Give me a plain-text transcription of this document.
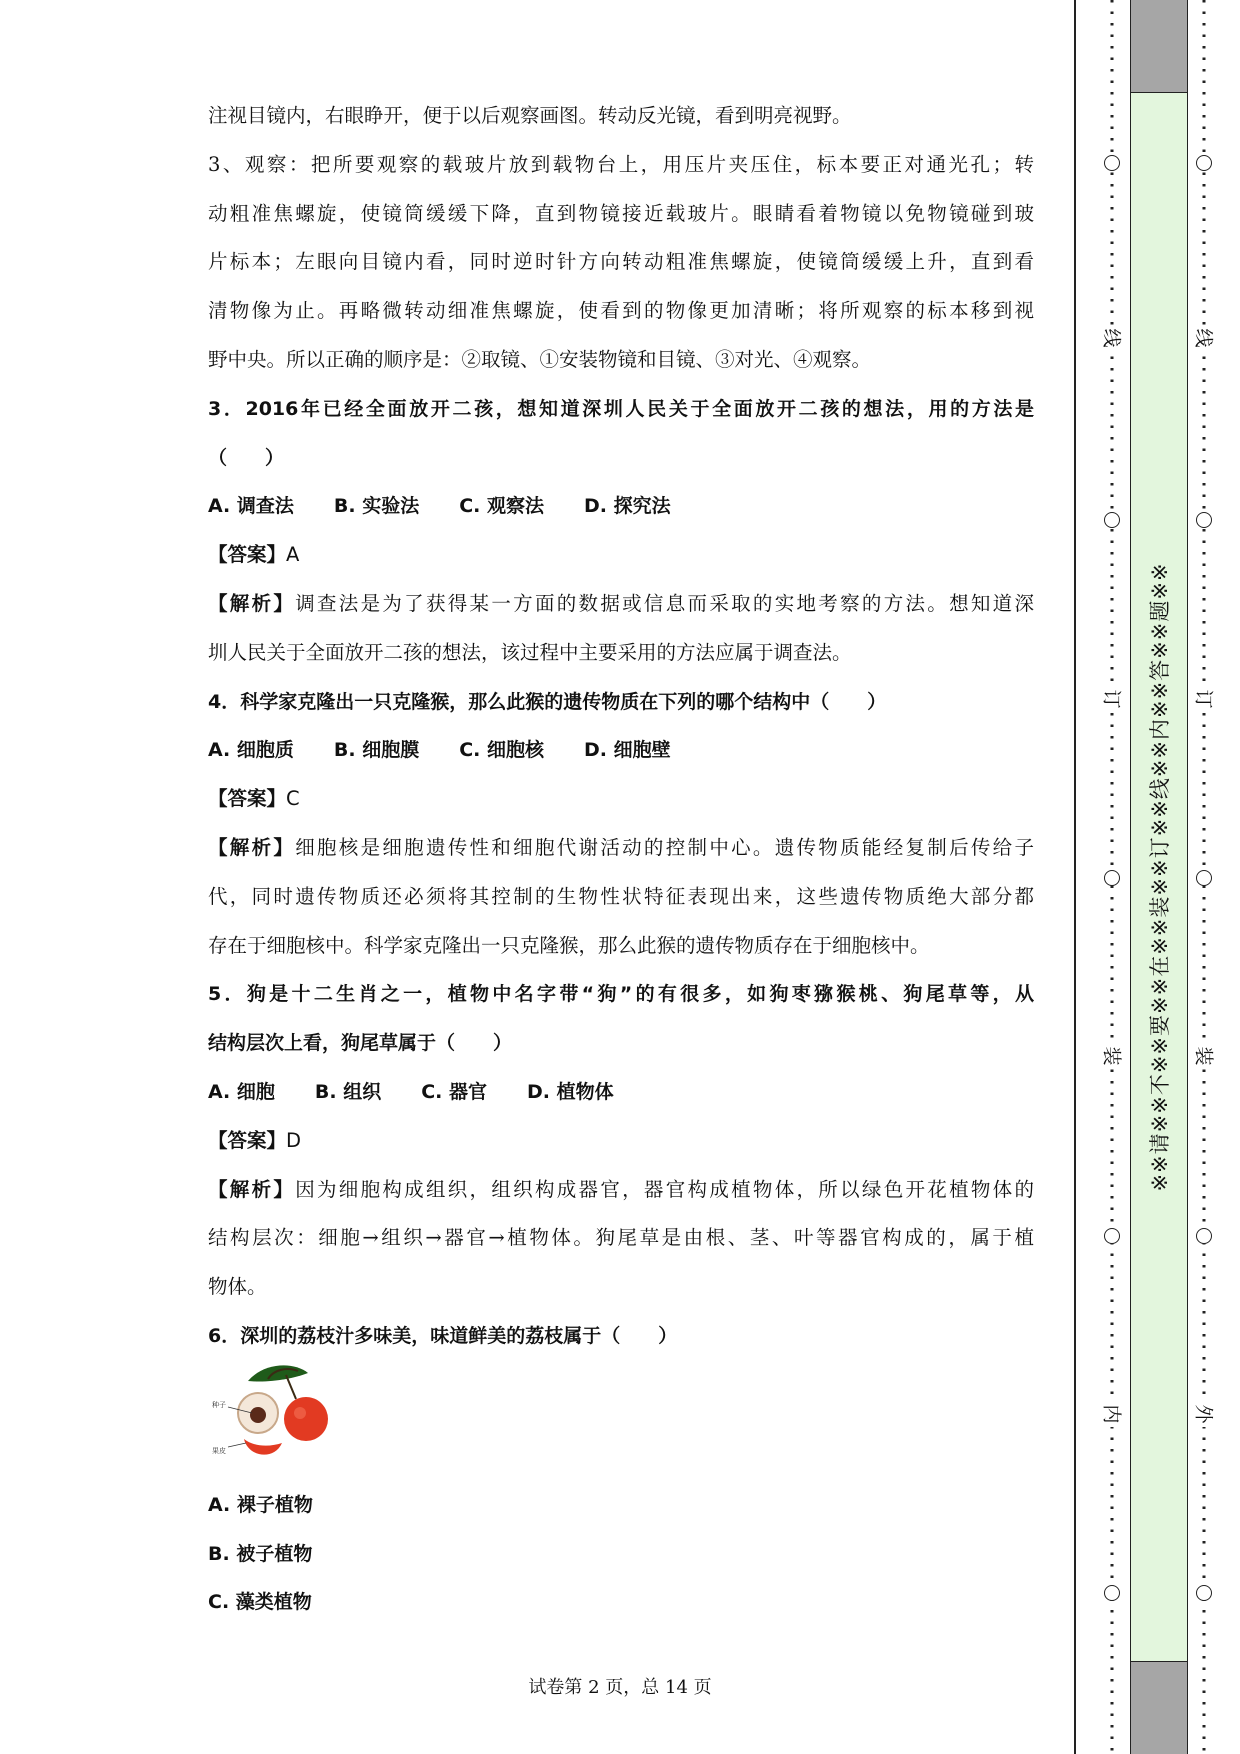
注视目镜内，右眼睁开，便于以后观察画图。转动反光镜，看到明亮视野。
3、观察：把所要观察的载玻片放到载物台上，用压片夹压住，标本要正对通光孔；转
动粗准焦螺旋，使镜筒缓缓下降，直到物镜接近载玻片。眼睛看着物镜以免物镜碰到玻
片标本；左眼向目镜内看，同时逆时针方向转动粗准焦螺旋，使镜筒缓缓上升，直到看
清物像为止。再略微转动细准焦螺旋，使看到的物像更加清晰；将所观察的标本移到视
野中央。所以正确的顺序是：②取镜、①安装物镜和目镜、③对光、④观察。
3．2016年已经全面放开二孩，想知道深圳人民关于全面放开二孩的想法，用的方法是
（　　）
A. 调查法 B. 实验法 C. 观察法 D. 探究法
【答案】A
【解析】调查法是为了获得某一方面的数据或信息而采取的实地考察的方法。想知道深
圳人民关于全面放开二孩的想法，该过程中主要采用的方法应属于调查法。
4．科学家克隆出一只克隆猴，那么此猴的遗传物质在下列的哪个结构中（　　）
A. 细胞质 B. 细胞膜 C. 细胞核 D. 细胞壁
【答案】C
【解析】细胞核是细胞遗传性和细胞代谢活动的控制中心。遗传物质能经复制后传给子
代，同时遗传物质还必须将其控制的生物性状特征表现出来，这些遗传物质绝大部分都
存在于细胞核中。科学家克隆出一只克隆猴，那么此猴的遗传物质存在于细胞核中。
5．狗是十二生肖之一，植物中名字带“狗”的有很多，如狗枣猕猴桃、狗尾草等，从
结构层次上看，狗尾草属于（　　）
A. 细胞 B. 组织 C. 器官 D. 植物体
【答案】D
【解析】因为细胞构成组织，组织构成器官，器官构成植物体，所以绿色开花植物体的
结构层次：细胞→组织→器官→植物体。狗尾草是由根、茎、叶等器官构成的，属于植
物体。
6．深圳的荔枝汁多味美，味道鲜美的荔枝属于（　　）
种子
果皮
A. 裸子植物
B. 被子植物
C. 藻类植物
试卷第 2 页，总 14 页
线
订
装
内
※※请※※不※※要※※在※※装※※订※※线※※内※※答※※题※※
线
订
装
外
